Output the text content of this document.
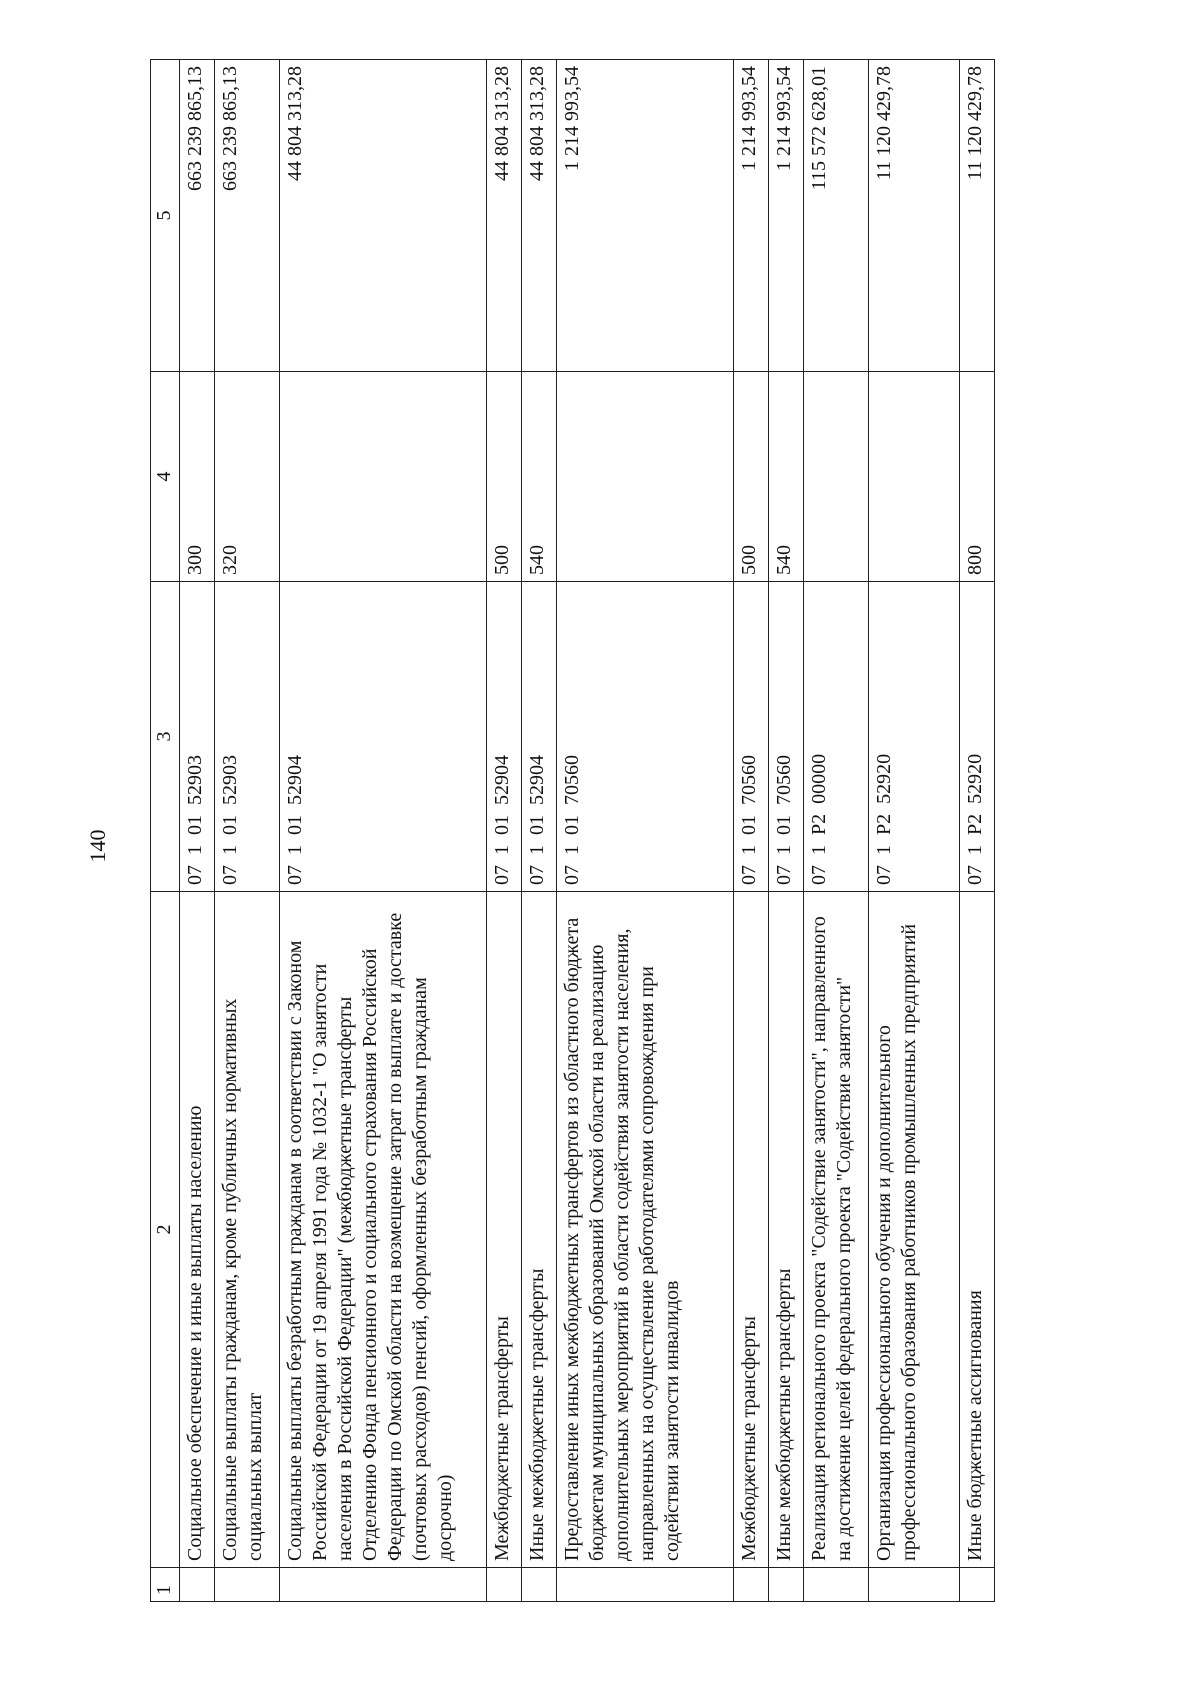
140
1	2	3	4	5
	Социальное обеспечение и иные выплаты населению	07  1  01  52903	300	663 239 865,13
	Социальные выплаты гражданам, кроме публичных нормативных социальных выплат	07  1  01  52903	320	663 239 865,13
	Социальные выплаты безработным гражданам в соответствии с Законом Российской Федерации от 19 апреля 1991 года № 1032-1 "О занятости населения в Российской Федерации" (межбюджетные трансферты Отделению Фонда пенсионного и социального страхования Российской Федерации по Омской области на возмещение затрат по выплате и доставке (почтовых расходов) пенсий, оформленных безработным гражданам досрочно)	07  1  01  52904		44 804 313,28
	Межбюджетные трансферты	07  1  01  52904	500	44 804 313,28
	Иные межбюджетные трансферты	07  1  01  52904	540	44 804 313,28
	Предоставление иных межбюджетных трансфертов из областного бюджета бюджетам муниципальных образований Омской области на реализацию дополнительных мероприятий в области содействия занятости населения, направленных на осуществление работодателями сопровождения при содействии занятости инвалидов	07  1  01  70560		1 214 993,54
	Межбюджетные трансферты	07  1  01  70560	500	1 214 993,54
	Иные межбюджетные трансферты	07  1  01  70560	540	1 214 993,54
	Реализация регионального проекта "Содействие занятости", направленного на достижение целей федерального проекта "Содействие занятости"	07  1  P2  00000		115 572 628,01
	Организация профессионального обучения и дополнительного профессионального образования работников промышленных предприятий	07  1  P2  52920		11 120 429,78
	Иные бюджетные ассигнования	07  1  P2  52920	800	11 120 429,78
